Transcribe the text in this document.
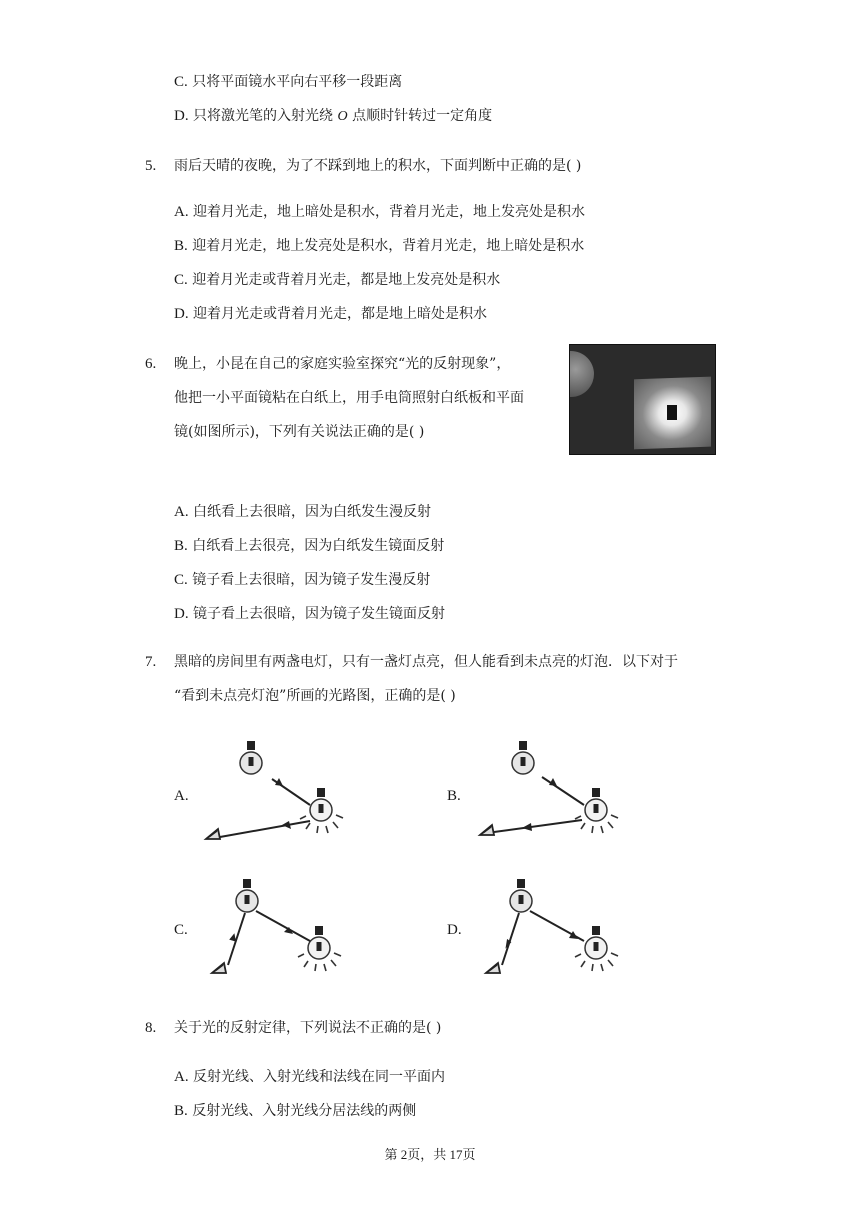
C. 只将平面镜水平向右平移一段距离
D. 只将激光笔的入射光绕 O 点顺时针转过一定角度
5. 雨后天晴的夜晚，为了不踩到地上的积水，下面判断中正确的是( )
A. 迎着月光走，地上暗处是积水，背着月光走，地上发亮处是积水
B. 迎着月光走，地上发亮处是积水，背着月光走，地上暗处是积水
C. 迎着月光走或背着月光走，都是地上发亮处是积水
D. 迎着月光走或背着月光走，都是地上暗处是积水
6. 晚上，小昆在自己的家庭实验室探究“光的反射现象”，
他把一小平面镜粘在白纸上，用手电筒照射白纸板和平面
镜(如图所示)，下列有关说法正确的是( )
A. 白纸看上去很暗，因为白纸发生漫反射
B. 白纸看上去很亮，因为白纸发生镜面反射
C. 镜子看上去很暗，因为镜子发生漫反射
D. 镜子看上去很暗，因为镜子发生镜面反射
7. 黑暗的房间里有两盏电灯，只有一盏灯点亮，但人能看到未点亮的灯泡．以下对于
“看到未点亮灯泡”所画的光路图，正确的是( )
A.	B.
C.	D.
8. 关于光的反射定律，下列说法不正确的是( )
A. 反射光线、入射光线和法线在同一平面内
B. 反射光线、入射光线分居法线的两侧
第 2页，共 17页
